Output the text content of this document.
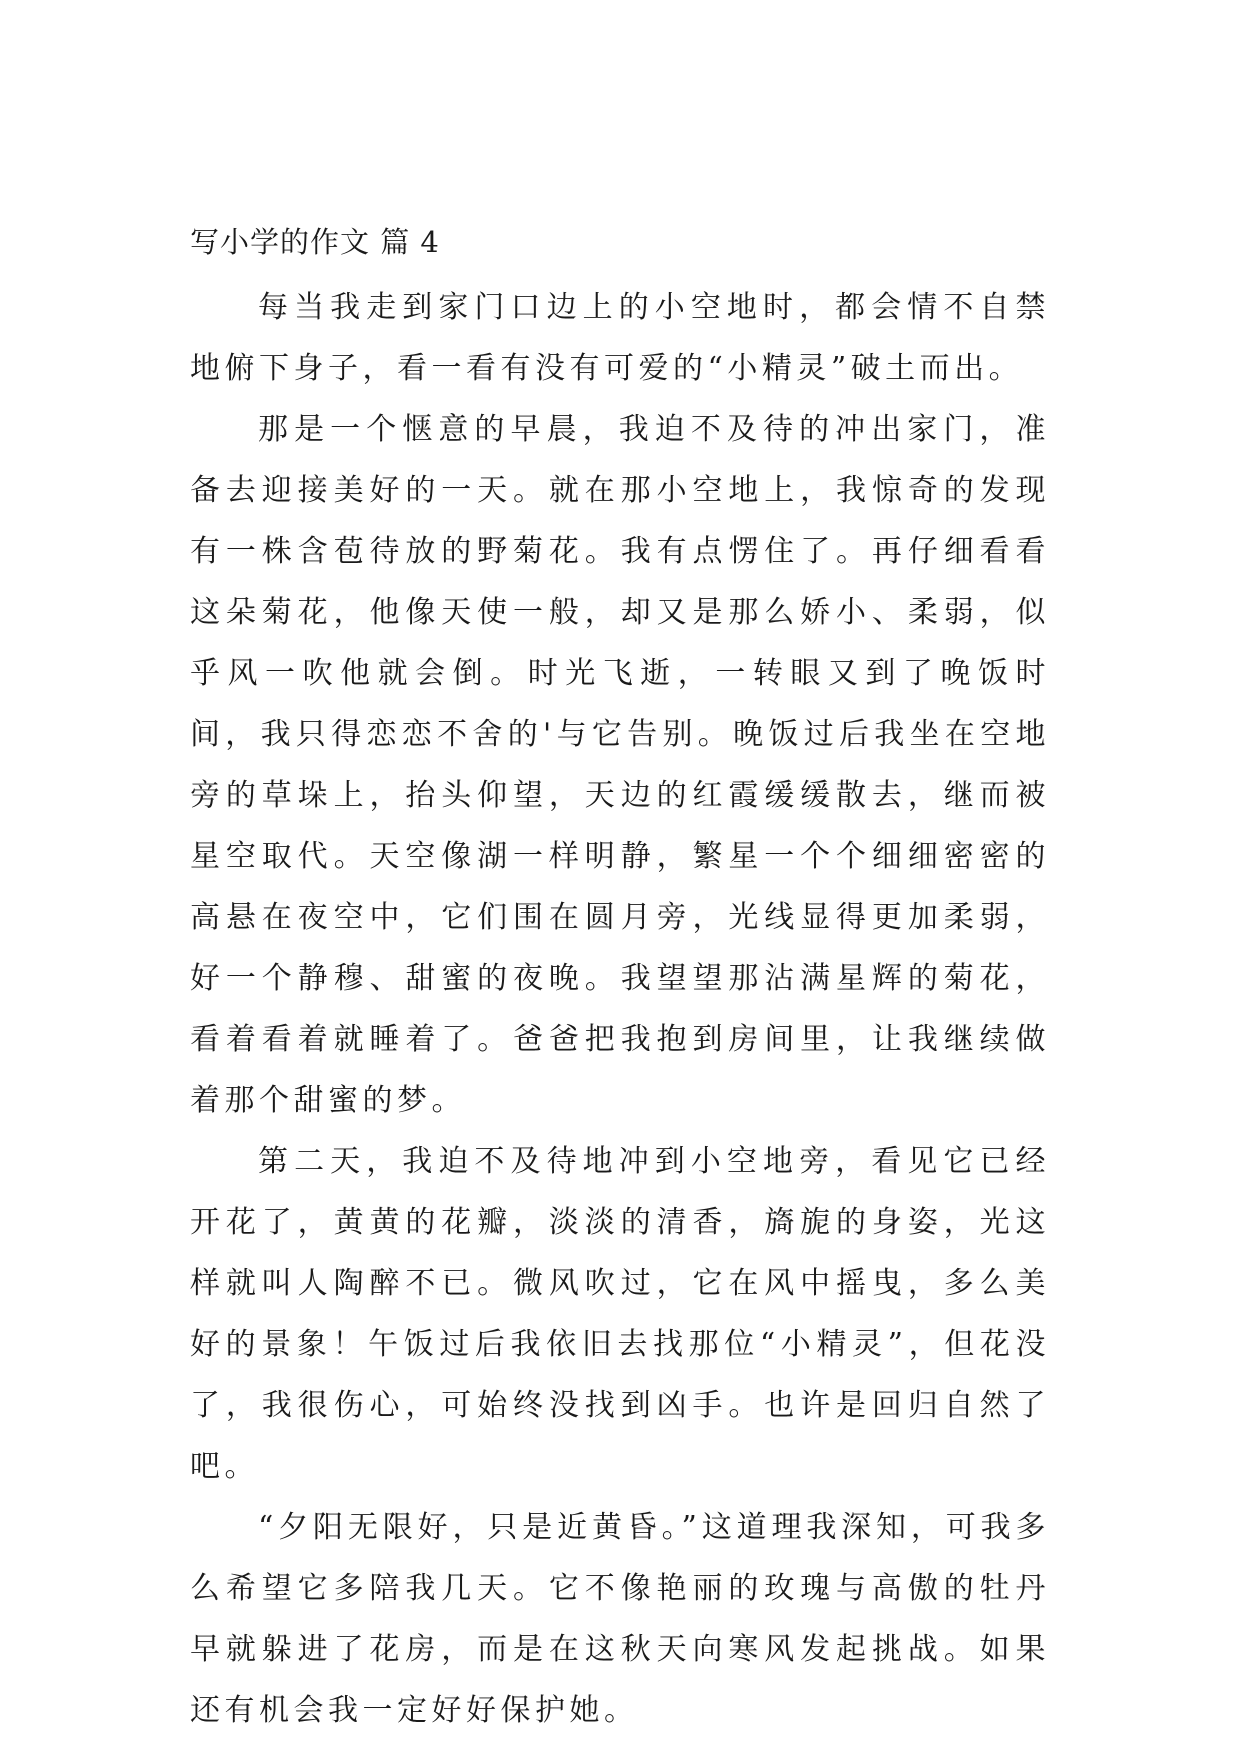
写小学的作文 篇 4

每当我走到家门口边上的小空地时，都会情不自禁地俯下身子，看一看有没有可爱的“小精灵”破土而出。

那是一个惬意的早晨，我迫不及待的冲出家门，准备去迎接美好的一天。就在那小空地上，我惊奇的发现有一株含苞待放的野菊花。我有点愣住了。再仔细看看这朵菊花，他像天使一般，却又是那么娇小、柔弱，似乎风一吹他就会倒。时光飞逝，一转眼又到了晚饭时间，我只得恋恋不舍的'与它告别。晚饭过后我坐在空地旁的草垛上，抬头仰望，天边的红霞缓缓散去，继而被星空取代。天空像湖一样明静，繁星一个个细细密密的高悬在夜空中，它们围在圆月旁，光线显得更加柔弱，好一个静穆、甜蜜的夜晚。我望望那沾满星辉的菊花，看着看着就睡着了。爸爸把我抱到房间里，让我继续做着那个甜蜜的梦。

第二天，我迫不及待地冲到小空地旁，看见它已经开花了，黄黄的花瓣，淡淡的清香，旖旎的身姿，光这样就叫人陶醉不已。微风吹过，它在风中摇曳，多么美好的景象！午饭过后我依旧去找那位“小精灵”，但花没了，我很伤心，可始终没找到凶手。也许是回归自然了吧。

“夕阳无限好，只是近黄昏。”这道理我深知，可我多么希望它多陪我几天。它不像艳丽的玫瑰与高傲的牡丹早就躲进了花房，而是在这秋天向寒风发起挑战。如果还有机会我一定好好保护她。
